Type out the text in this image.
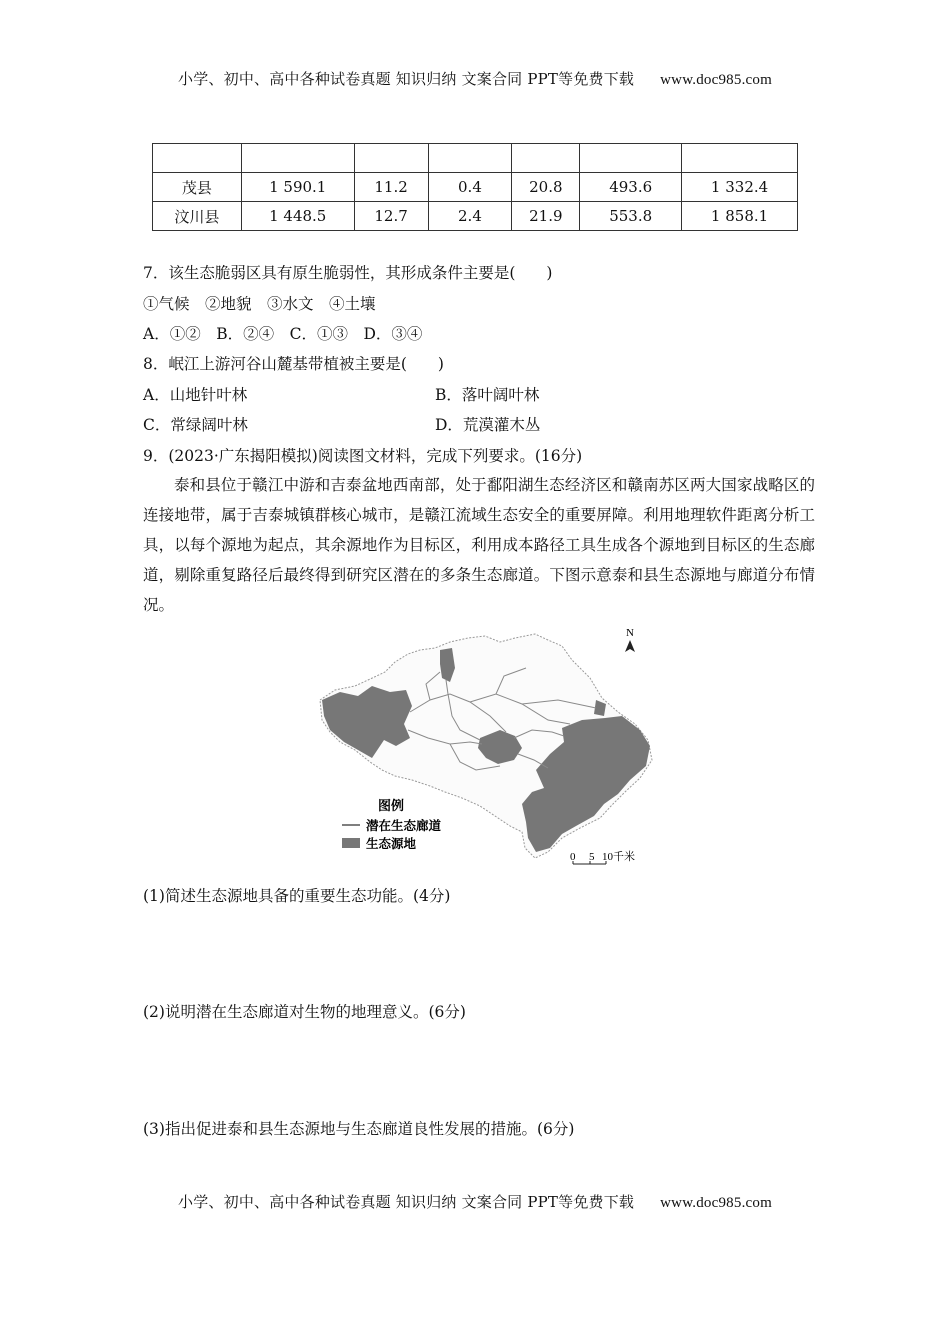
小学、初中、高中各种试卷真题 知识归纳 文案合同 PPT等免费下载 www.doc985.com

茂县	1 590.1	11.2	0.4	20.8	493.6	1 332.4
汶川县	1 448.5	12.7	2.4	21.9	553.8	1 858.1
7．该生态脆弱区具有原生脆弱性，其形成条件主要是(　　)
①气候　②地貌　③水文　④土壤
A．①②　B．②④　C．①③　D．③④
8．岷江上游河谷山麓基带植被主要是(　　)
A．山地针叶林	B．落叶阔叶林
C．常绿阔叶林	D．荒漠灌木丛
9．(2023·广东揭阳模拟)阅读图文材料，完成下列要求。(16分)
泰和县位于赣江中游和吉泰盆地西南部，处于鄱阳湖生态经济区和赣南苏区两大国家战略区的连接地带，属于吉泰城镇群核心城市，是赣江流域生态安全的重要屏障。利用地理软件距离分析工具，以每个源地为起点，其余源地作为目标区，利用成本路径工具生成各个源地到目标区的生态廊道，剔除重复路径后最终得到研究区潜在的多条生态廊道。下图示意泰和县生态源地与廊道分布情况。
N
图例
潜在生态廊道
生态源地
0 5 10千米
(1)简述生态源地具备的重要生态功能。(4分)
(2)说明潜在生态廊道对生物的地理意义。(6分)
(3)指出促进泰和县生态源地与生态廊道良性发展的措施。(6分)
小学、初中、高中各种试卷真题 知识归纳 文案合同 PPT等免费下载 www.doc985.com
